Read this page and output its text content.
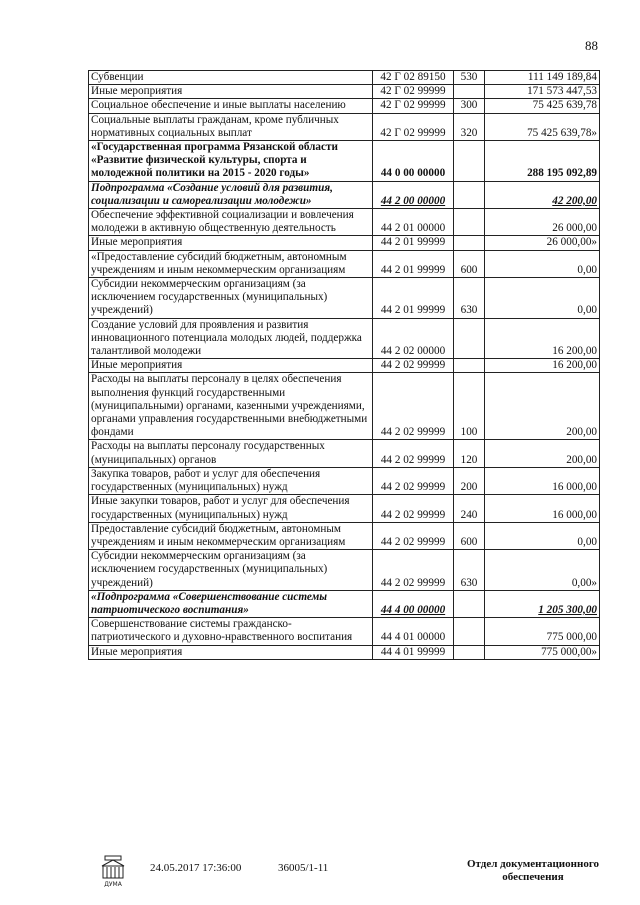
88
Субвенции	42 Г 02 89150	530	111 149 189,84
Иные мероприятия	42 Г 02 99999		171 573 447,53
Социальное обеспечение и иные выплаты населению	42 Г 02 99999	300	75 425 639,78
Социальные выплаты гражданам, кроме публичных нормативных социальных выплат	42 Г 02 99999	320	75 425 639,78»
«Государственная программа Рязанской области «Развитие физической культуры, спорта и молодежной политики на 2015 - 2020 годы»	44 0 00 00000		288 195 092,89
Подпрограмма «Создание условий для развития, социализации и самореализации молодежи»	44 2 00 00000		42 200,00
Обеспечение эффективной социализации и вовлечения молодежи в активную общественную деятельность	44 2 01 00000		26 000,00
Иные мероприятия	44 2 01 99999		26 000,00»
«Предоставление субсидий бюджетным, автономным учреждениям и иным некоммерческим организациям	44 2 01 99999	600	0,00
Субсидии некоммерческим организациям (за исключением государственных (муниципальных) учреждений)	44 2 01 99999	630	0,00
Создание условий для проявления и развития инновационного потенциала молодых людей, поддержка талантливой молодежи	44 2 02 00000		16 200,00
Иные мероприятия	44 2 02 99999		16 200,00
Расходы на выплаты персоналу в целях обеспечения выполнения функций государственными (муниципальными) органами, казенными учреждениями, органами управления государственными внебюджетными фондами	44 2 02 99999	100	200,00
Расходы на выплаты персоналу государственных (муниципальных) органов	44 2 02 99999	120	200,00
Закупка товаров, работ и услуг для обеспечения государственных (муниципальных) нужд	44 2 02 99999	200	16 000,00
Иные закупки товаров, работ и услуг для обеспечения государственных (муниципальных) нужд	44 2 02 99999	240	16 000,00
Предоставление субсидий бюджетным, автономным учреждениям и иным некоммерческим организациям	44 2 02 99999	600	0,00
Субсидии некоммерческим организациям (за исключением государственных (муниципальных) учреждений)	44 2 02 99999	630	0,00»
«Подпрограмма «Совершенствование системы патриотического воспитания»	44 4 00 00000		1 205 300,00
Совершенствование системы гражданско-патриотического и духовно-нравственного воспитания	44 4 01 00000		775 000,00
Иные мероприятия	44 4 01 99999		775 000,00»
ДУМА
24.05.2017 17:36:00	36005/1-11	Отдел документационного обеспечения
